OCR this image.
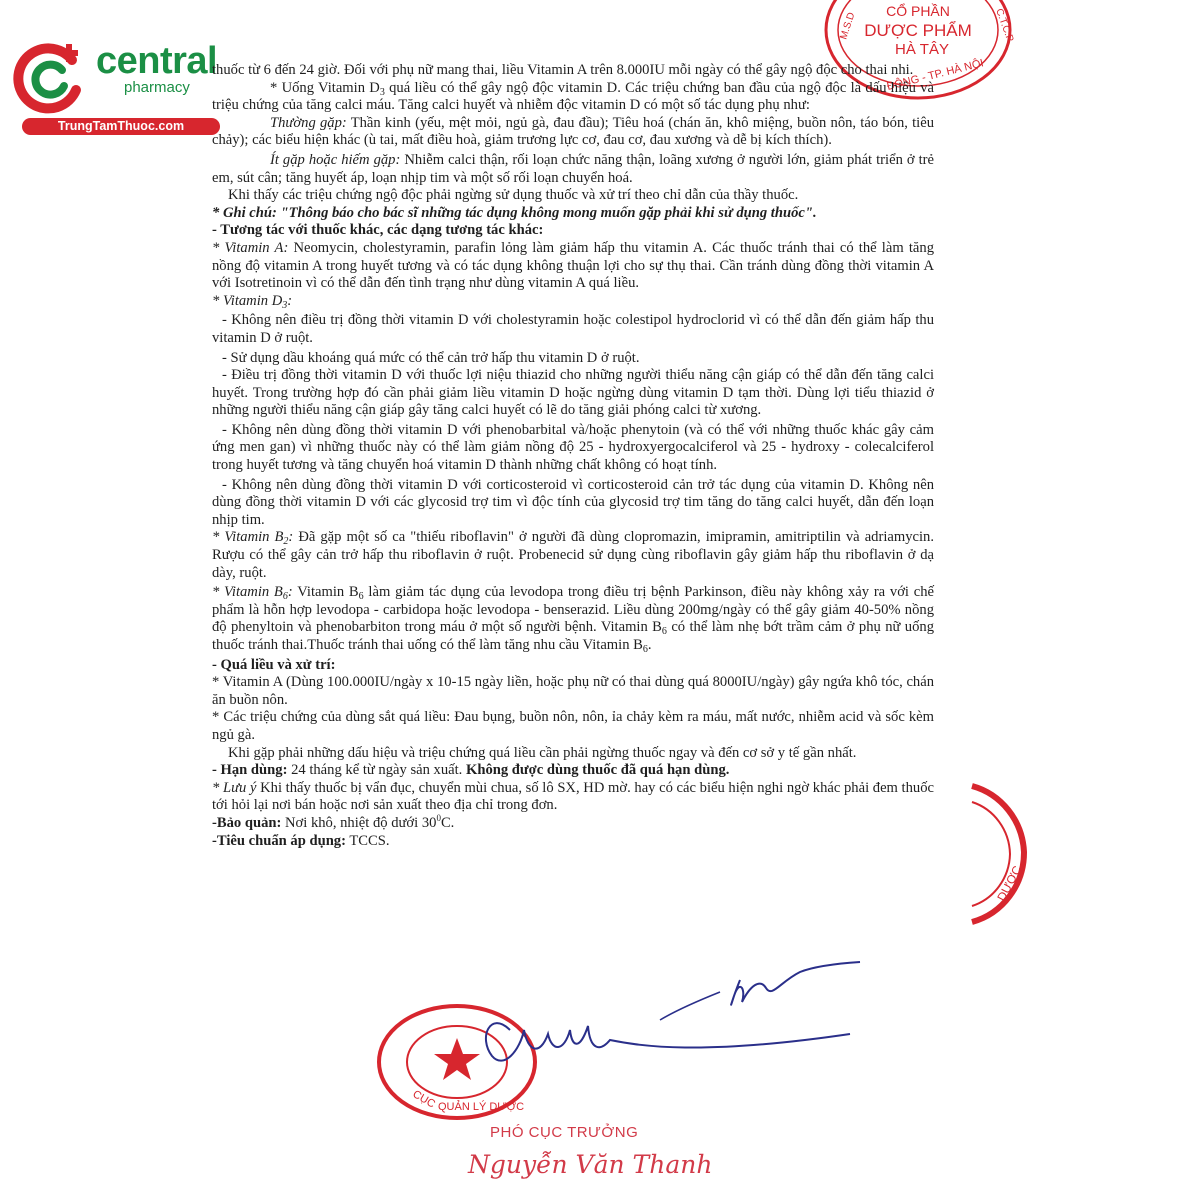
central
pharmacy
TrungTamThuoc.com
CỔ PHẦN
DƯỢC PHẨM
HÀ TÂY
ĐÔNG - TP. HÀ NỘI
M.S.D	C.T.C.P
DƯỢC
CỤC QUẢN LÝ DƯỢC
PHÓ CỤC TRƯỞNG
Nguyễn Văn Thanh

thuốc từ 6 đến 24 giờ. Đối với phụ nữ mang thai, liều Vitamin A trên 8.000IU mỗi ngày có thể gây ngộ độc cho thai nhi.

* Uống Vitamin $D_3$ quá liều có thể gây ngộ độc vitamin D. Các triệu chứng ban đầu của ngộ độc là dấu hiệu và triệu chứng của tăng calci máu. Tăng calci huyết và nhiễm độc vitamin D có một số tác dụng phụ như:

Thường gặp: Thần kinh (yếu, mệt mỏi, ngủ gà, đau đầu); Tiêu hoá (chán ăn, khô miệng, buồn nôn, táo bón, tiêu chảy); các biểu hiện khác (ù tai, mất điều hoà, giảm trương lực cơ, đau cơ, đau xương và dễ bị kích thích).

Ít gặp hoặc hiếm gặp: Nhiễm calci thận, rối loạn chức năng thận, loãng xương ở người lớn, giảm phát triển ở trẻ em, sút cân; tăng huyết áp, loạn nhịp tim và một số rối loạn chuyển hoá.

Khi thấy các triệu chứng ngộ độc phải ngừng sử dụng thuốc và xử trí theo chỉ dẫn của thầy thuốc.

* Ghi chú: "Thông báo cho bác sĩ những tác dụng không mong muốn gặp phải khi sử dụng thuốc".

- Tương tác với thuốc khác, các dạng tương tác khác:

* Vitamin A: Neomycin, cholestyramin, parafin lỏng làm giảm hấp thu vitamin A. Các thuốc tránh thai có thể làm tăng nồng độ vitamin A trong huyết tương và có tác dụng không thuận lợi cho sự thụ thai. Cần tránh dùng đồng thời vitamin A với Isotretinoin vì có thể dẫn đến tình trạng như dùng vitamin A quá liều.

* Vitamin $D_3$:

- Không nên điều trị đồng thời vitamin D với cholestyramin hoặc colestipol hydroclorid vì có thể dẫn đến giảm hấp thu vitamin D ở ruột.

- Sử dụng dầu khoáng quá mức có thể cản trở hấp thu vitamin D ở ruột.

- Điều trị đồng thời vitamin D với thuốc lợi niệu thiazid cho những người thiểu năng cận giáp có thể dẫn đến tăng calci huyết. Trong trường hợp đó cần phải giảm liều vitamin D hoặc ngừng dùng vitamin D tạm thời. Dùng lợi tiểu thiazid ở những người thiểu năng cận giáp gây tăng calci huyết có lẽ do tăng giải phóng calci từ xương.

- Không nên dùng đồng thời vitamin D với phenobarbital và/hoặc phenytoin (và có thể với những thuốc khác gây cảm ứng men gan) vì những thuốc này có thể làm giảm nồng độ 25 - hydroxyergocalciferol và 25 - hydroxy - colecalciferol trong huyết tương và tăng chuyển hoá vitamin D thành những chất không có hoạt tính.

- Không nên dùng đồng thời vitamin D với corticosteroid vì corticosteroid cản trở tác dụng của vitamin D. Không nên dùng đồng thời vitamin D với các glycosid trợ tim vì độc tính của glycosid trợ tim tăng do tăng calci huyết, dẫn đến loạn nhịp tim.

* Vitamin $B_2$: Đã gặp một số ca "thiếu riboflavin" ở người đã dùng clopromazin, imipramin, amitriptilin và adriamycin. Rượu có thể gây cản trở hấp thu riboflavin ở ruột. Probenecid sử dụng cùng riboflavin gây giảm hấp thu riboflavin ở dạ dày, ruột.

* Vitamin $B_6$: Vitamin $B_6$ làm giảm tác dụng của levodopa trong điều trị bệnh Parkinson, điều này không xảy ra với chế phẩm là hỗn hợp levodopa - carbidopa hoặc levodopa - benserazid. Liều dùng 200mg/ngày có thể gây giảm 40-50% nồng độ phenyltoin và phenobarbiton trong máu ở một số người bệnh. Vitamin $B_6$ có thể làm nhẹ bớt trầm cảm ở phụ nữ uống thuốc tránh thai.Thuốc tránh thai uống có thể làm tăng nhu cầu Vitamin $B_6$.

- Quá liều và xử trí:

* Vitamin A (Dùng 100.000IU/ngày x 10-15 ngày liền, hoặc phụ nữ có thai dùng quá 8000IU/ngày) gây ngứa khô tóc, chán ăn buồn nôn.

* Các triệu chứng của dùng sắt quá liều: Đau bụng, buồn nôn, nôn, ỉa chảy kèm ra máu, mất nước, nhiễm acid và sốc kèm ngủ gà.

Khi gặp phải những dấu hiệu và triệu chứng quá liều cần phải ngừng thuốc ngay và đến cơ sở y tế gần nhất.

- Hạn dùng: 24 tháng kể từ ngày sản xuất. Không được dùng thuốc đã quá hạn dùng.

* Lưu ý Khi thấy thuốc bị vẩn đục, chuyển mùi chua, số lô SX, HD mờ. hay có các biểu hiện nghi ngờ khác phải đem thuốc tới hỏi lại nơi bán hoặc nơi sản xuất theo địa chỉ trong đơn.

-Bảo quản: Nơi khô, nhiệt độ dưới $30^0C$.

-Tiêu chuẩn áp dụng: TCCS.
